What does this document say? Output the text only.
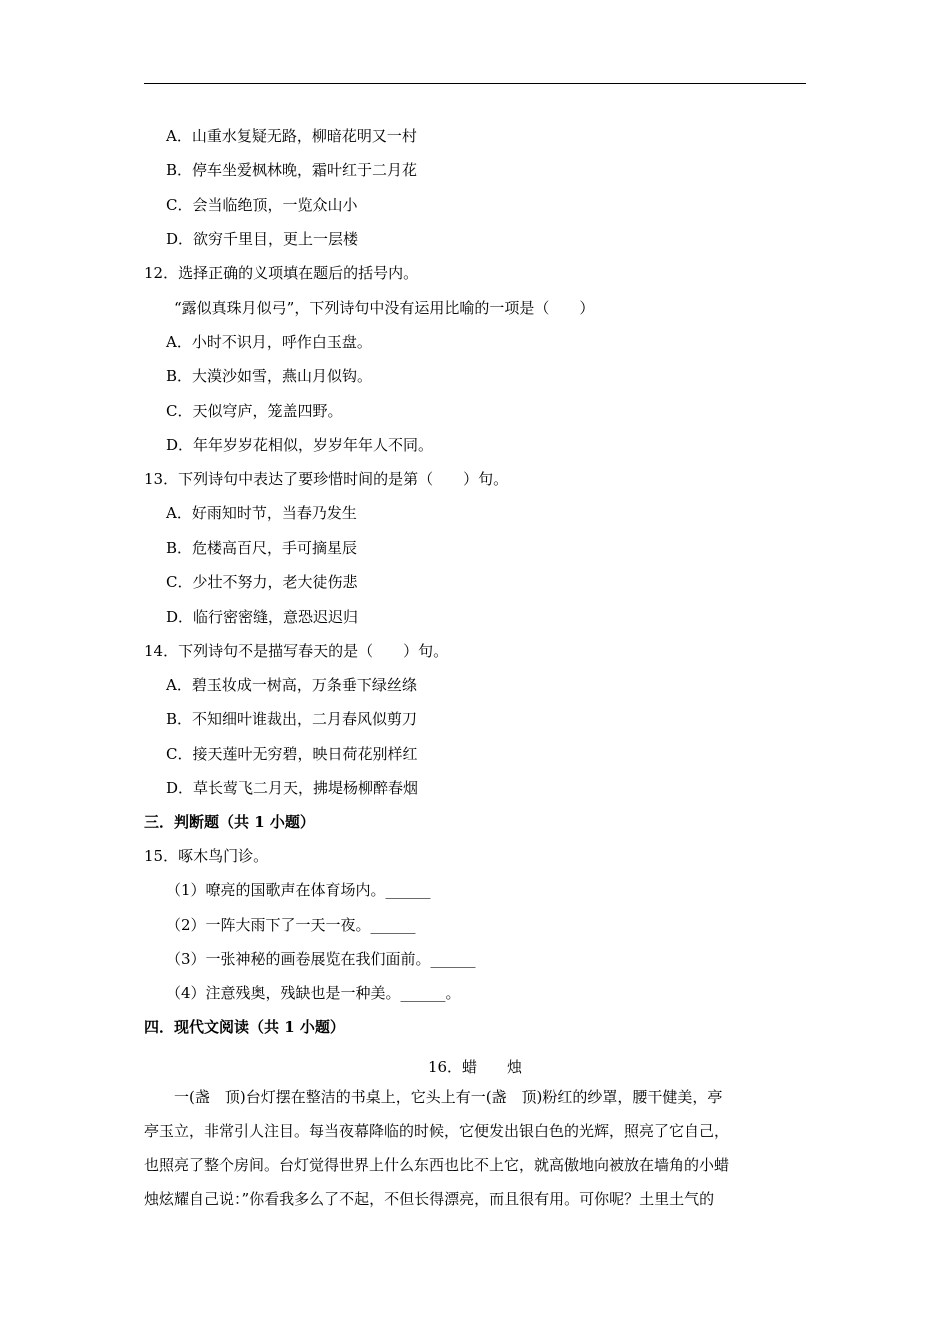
A．山重水复疑无路，柳暗花明又一村
B．停车坐爱枫林晚，霜叶红于二月花
C．会当临绝顶，一览众山小
D．欲穷千里目，更上一层楼
12．选择正确的义项填在题后的括号内。
“露似真珠月似弓”，下列诗句中没有运用比喻的一项是（　　）
A．小时不识月，呼作白玉盘。
B．大漠沙如雪，燕山月似钩。
C．天似穹庐，笼盖四野。
D．年年岁岁花相似，岁岁年年人不同。
13．下列诗句中表达了要珍惜时间的是第（　　）句。
A．好雨知时节，当春乃发生
B．危楼高百尺，手可摘星辰
C．少壮不努力，老大徒伤悲
D．临行密密缝，意恐迟迟归
14．下列诗句不是描写春天的是（　　）句。
A．碧玉妆成一树高，万条垂下绿丝绦
B．不知细叶谁裁出，二月春风似剪刀
C．接天莲叶无穷碧，映日荷花别样红
D．草长莺飞二月天，拂堤杨柳醉春烟
三．判断题（共 1 小题）
15．啄木鸟门诊。
（1）嘹亮的国歌声在体育场内。______
（2）一阵大雨下了一天一夜。______
（3）一张神秘的画卷展览在我们面前。______
（4）注意残奥，残缺也是一种美。______。
四．现代文阅读（共 1 小题）
16．蜡　　烛
　　一(盏　顶)台灯摆在整洁的书桌上，它头上有一(盏　顶)粉红的纱罩，腰干健美，亭
亭玉立，非常引人注目。每当夜幕降临的时候，它便发出银白色的光辉，照亮了它自己，
也照亮了整个房间。台灯觉得世界上什么东西也比不上它，就高傲地向被放在墙角的小蜡
烛炫耀自己说：”你看我多么了不起，不但长得漂亮，而且很有用。可你呢？土里土气的
